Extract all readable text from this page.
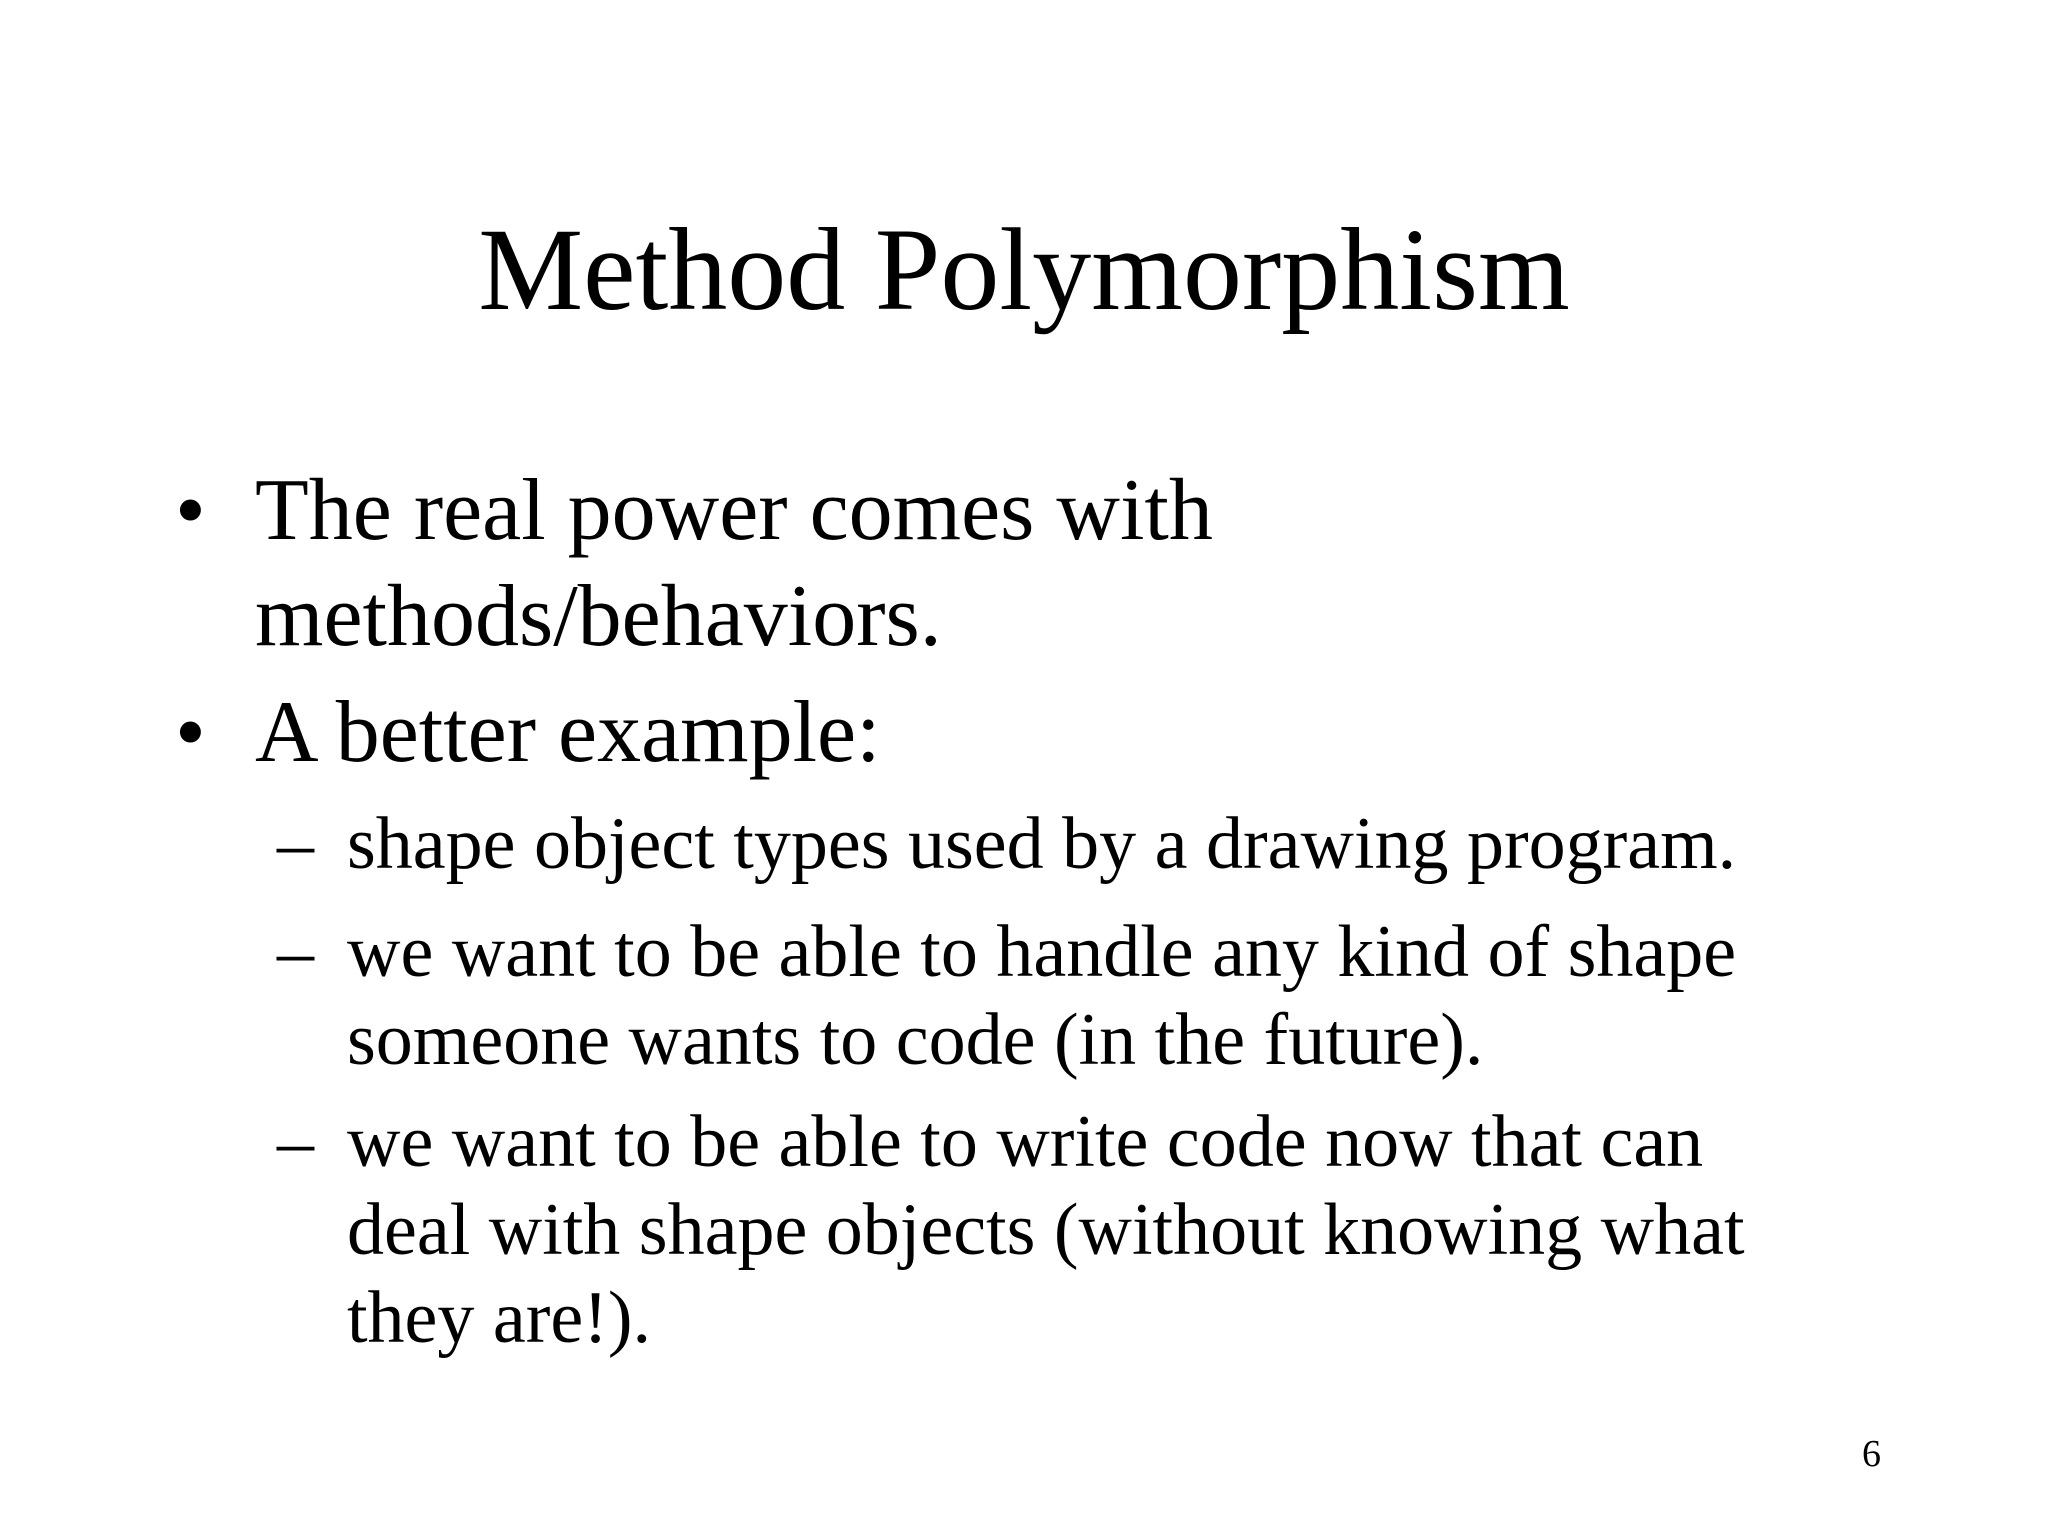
Method Polymorphism
• The real power comes with
methods/behaviors.
• A better example:
– shape object types used by a drawing program.
– we want to be able to handle any kind of shape
someone wants to code (in the future).
– we want to be able to write code now that can
deal with shape objects (without knowing what
they are!).
6
